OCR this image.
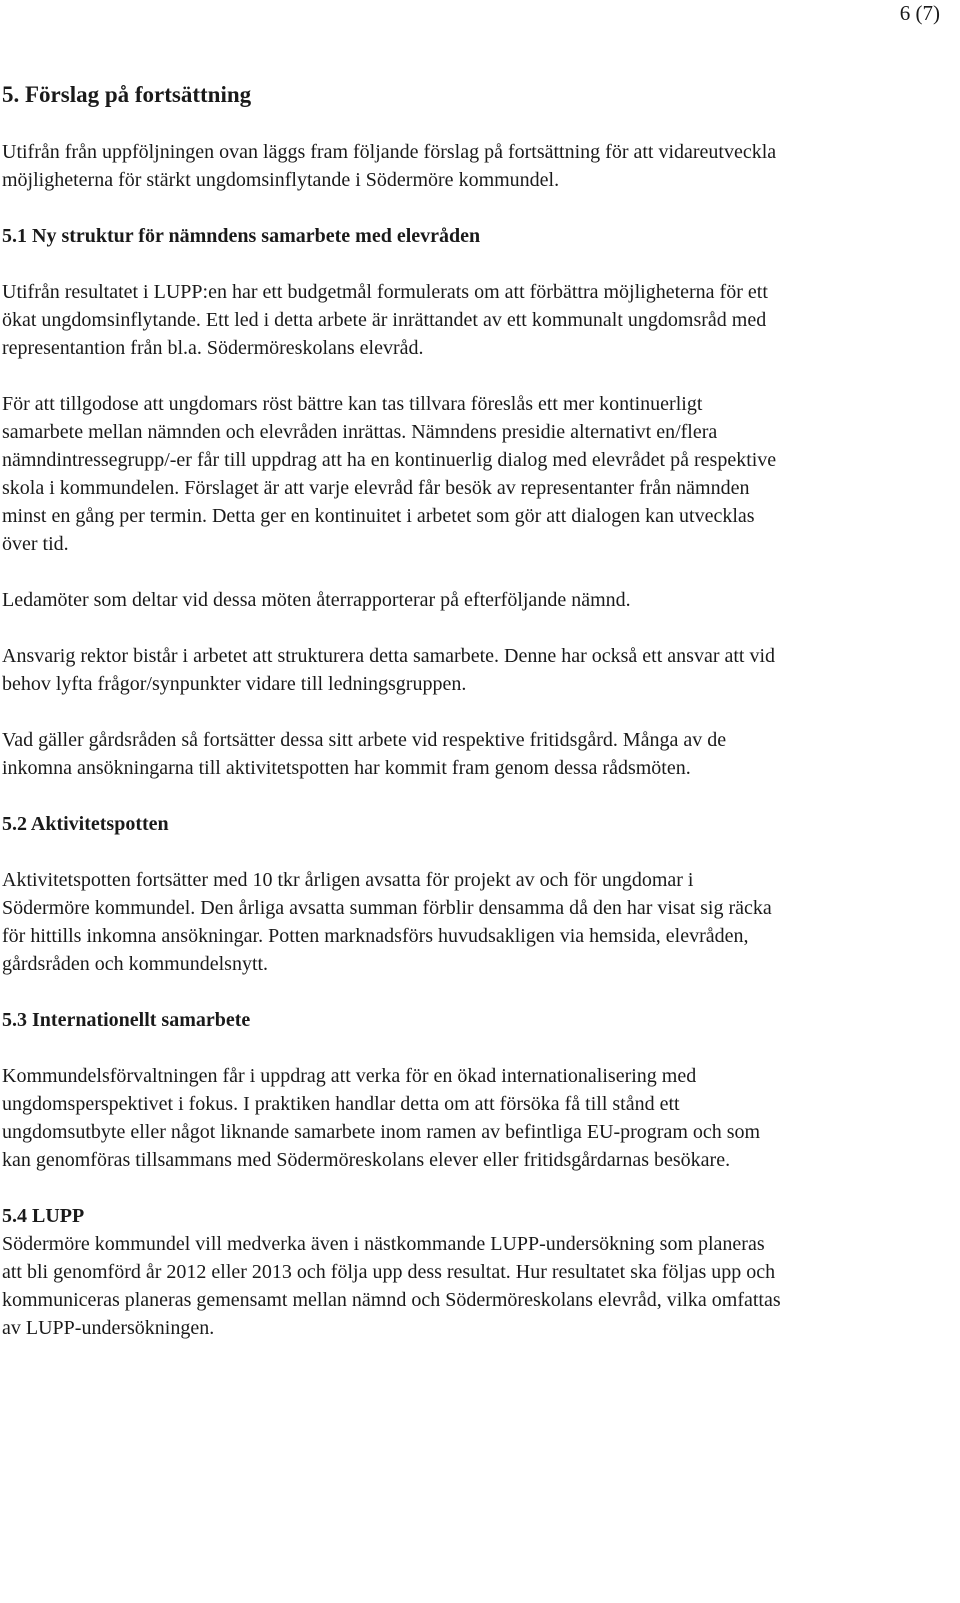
6 (7)
5. Förslag på fortsättning

Utifrån från uppföljningen ovan läggs fram följande förslag på fortsättning för att vidareutveckla möjligheterna för stärkt ungdomsinflytande i Södermöre kommundel.

5.1 Ny struktur för nämndens samarbete med elevråden

Utifrån resultatet i LUPP:en har ett budgetmål formulerats om att förbättra möjligheterna för ett ökat ungdomsinflytande. Ett led i detta arbete är inrättandet av ett kommunalt ungdomsråd med representantion från bl.a. Södermöreskolans elevråd.

För att tillgodose att ungdomars röst bättre kan tas tillvara föreslås ett mer kontinuerligt samarbete mellan nämnden och elevråden inrättas. Nämndens presidie alternativt en/flera nämndintressegrupp/-er får till uppdrag att ha en kontinuerlig dialog med elevrådet på respektive skola i kommundelen. Förslaget är att varje elevråd får besök av representanter från nämnden minst en gång per termin. Detta ger en kontinuitet i arbetet som gör att dialogen kan utvecklas över tid.

Ledamöter som deltar vid dessa möten återrapporterar på efterföljande nämnd.

Ansvarig rektor bistår i arbetet att strukturera detta samarbete. Denne har också ett ansvar att vid behov lyfta frågor/synpunkter vidare till ledningsgruppen.

Vad gäller gårdsråden så fortsätter dessa sitt arbete vid respektive fritidsgård. Många av de inkomna ansökningarna till aktivitetspotten har kommit fram genom dessa rådsmöten.

5.2 Aktivitetspotten

Aktivitetspotten fortsätter med 10 tkr årligen avsatta för projekt av och för ungdomar i Södermöre kommundel. Den årliga avsatta summan förblir densamma då den har visat sig räcka för hittills inkomna ansökningar. Potten marknadsförs huvudsakligen via hemsida, elevråden, gårdsråden och kommundelsnytt.

5.3 Internationellt samarbete

Kommundelsförvaltningen får i uppdrag att verka för en ökad internationalisering med ungdomsperspektivet i fokus. I praktiken handlar detta om att försöka få till stånd ett ungdomsutbyte eller något liknande samarbete inom ramen av befintliga EU-program och som kan genomföras tillsammans med Södermöreskolans elever eller fritidsgårdarnas besökare.

5.4 LUPP

Södermöre kommundel vill medverka även i nästkommande LUPP-undersökning som planeras att bli genomförd år 2012 eller 2013 och följa upp dess resultat. Hur resultatet ska följas upp och kommuniceras planeras gemensamt mellan nämnd och Södermöreskolans elevråd, vilka omfattas av LUPP-undersökningen.
